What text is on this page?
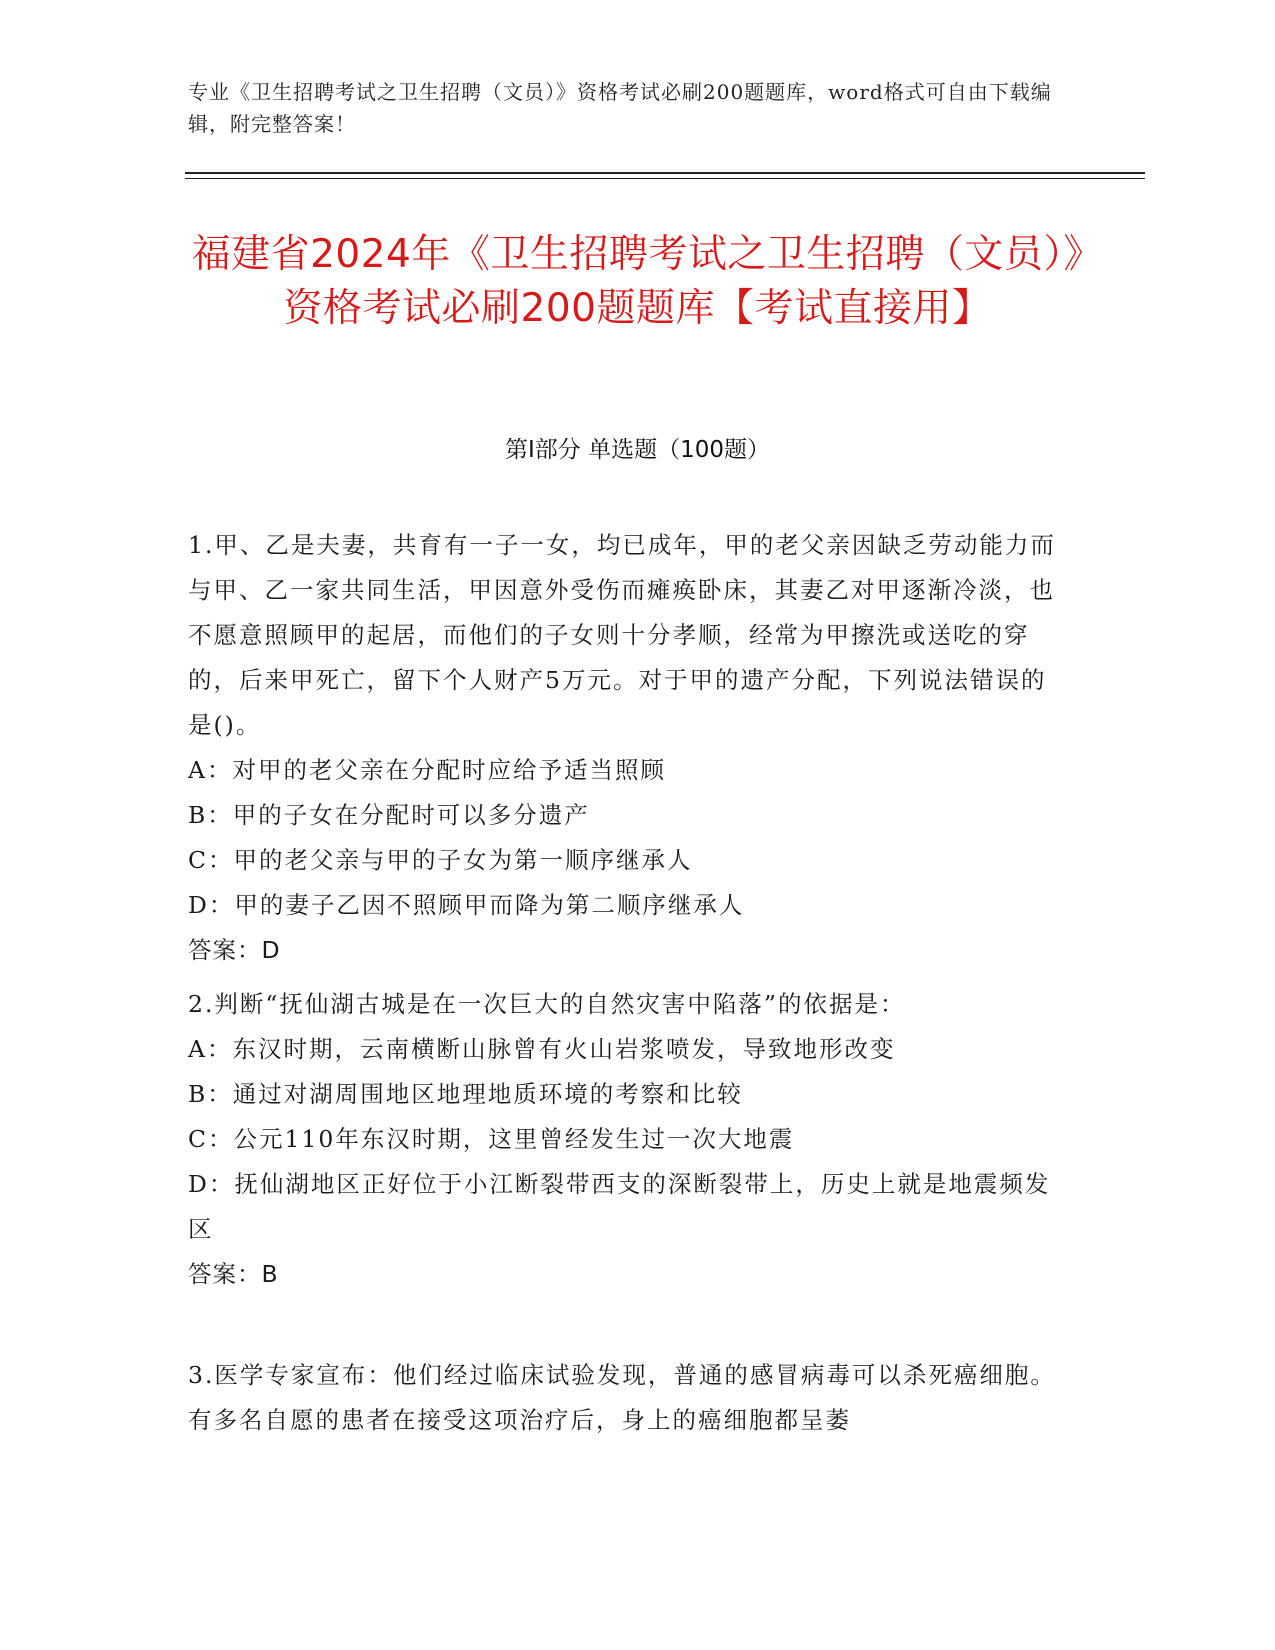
专业《卫生招聘考试之卫生招聘（文员）》资格考试必刷200题题库，word格式可自由下载编辑，附完整答案！
福建省2024年《卫生招聘考试之卫生招聘（文员）》资格考试必刷200题题库【考试直接用】
第I部分 单选题（100题）

1.甲、乙是夫妻，共育有一子一女，均已成年，甲的老父亲因缺乏劳动能力而与甲、乙一家共同生活，甲因意外受伤而瘫痪卧床，其妻乙对甲逐渐冷淡，也不愿意照顾甲的起居，而他们的子女则十分孝顺，经常为甲擦洗或送吃的穿的，后来甲死亡，留下个人财产5万元。对于甲的遗产分配，下列说法错误的是()。

A：对甲的老父亲在分配时应给予适当照顾

B：甲的子女在分配时可以多分遗产

C：甲的老父亲与甲的子女为第一顺序继承人

D：甲的妻子乙因不照顾甲而降为第二顺序继承人

答案：D

2.判断“抚仙湖古城是在一次巨大的自然灾害中陷落”的依据是：

A：东汉时期，云南横断山脉曾有火山岩浆喷发，导致地形改变

B：通过对湖周围地区地理地质环境的考察和比较

C：公元110年东汉时期，这里曾经发生过一次大地震

D：抚仙湖地区正好位于小江断裂带西支的深断裂带上，历史上就是地震频发区

答案：B

3.医学专家宣布：他们经过临床试验发现，普通的感冒病毒可以杀死癌细胞。有多名自愿的患者在接受这项治疗后，身上的癌细胞都呈萎
